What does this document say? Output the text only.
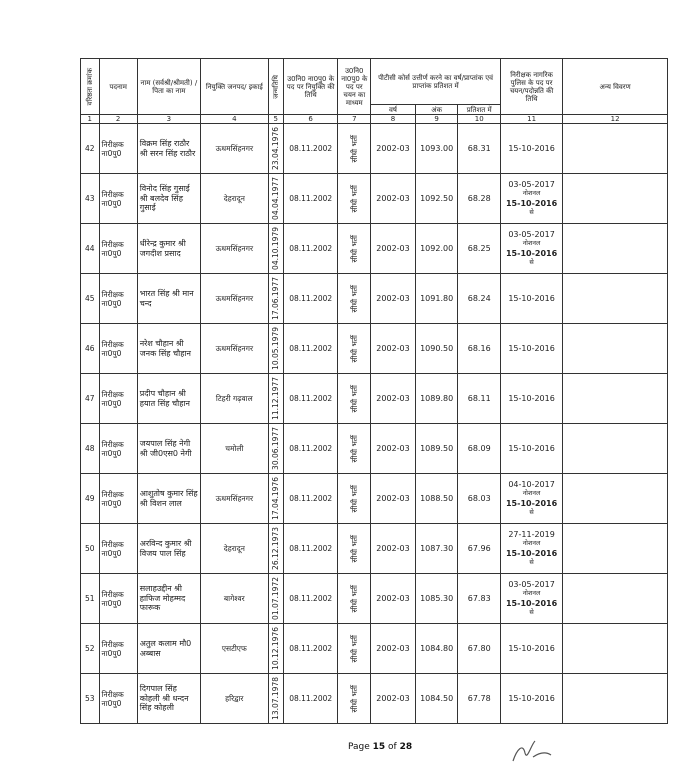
वरिष्ठता क्रमांक	पदनाम	नाम (सर्वश्री/श्रीमती) /पिता का नाम	नियुक्ति जनपद/ इकाई	जन्मतिथि	उ0नि0 ना0पु0 के पद पर नियुक्ति की तिथि	उ0नि0 ना0पु0 के पद पर चयन का माध्यम	पीटीसी कोर्स उत्तीर्ण करने का वर्ष/प्राप्तांक एवं प्राप्तांक प्रतिशत में			निरीक्षक नागरिक पुलिस के पद पर चयन/पदोन्नति की तिथि	अन्य विवरण
							वर्ष	अंक	प्रतिशत में		
1	2	3	4	5	6	7	8	9	10	11	12
42	निरीक्षक ना0पु0	विक्रम सिंह राठौर श्री सरन सिंह राठौर	ऊधमसिंहनगर	23.04.1976	08.11.2002	सीधी भर्ती	2002-03	1093.00	68.31	15-10-2016	

43	निरीक्षक ना0पु0	विनोद सिंह गुसाई श्री बलदेव सिंह गुसाई	देहरादून	04.04.1977	08.11.2002	सीधी भर्ती	2002-03	1092.50	68.28	03-05-2017
नोशनल
15-10-2016
से	

44	निरीक्षक ना0पु0	धीरेन्द्र कुमार श्री जगदीश प्रसाद	ऊधमसिंहनगर	04.10.1979	08.11.2002	सीधी भर्ती	2002-03	1092.00	68.25	03-05-2017
नोशनल
15-10-2016
से	

45	निरीक्षक ना0पु0	भारत सिंह श्री मान चन्द	ऊधमसिंहनगर	17.06.1977	08.11.2002	सीधी भर्ती	2002-03	1091.80	68.24	15-10-2016	

46	निरीक्षक ना0पु0	नरेश चौहान श्री जनक सिंह चौहान	ऊधमसिंहनगर	10.05.1979	08.11.2002	सीधी भर्ती	2002-03	1090.50	68.16	15-10-2016	

47	निरीक्षक ना0पु0	प्रदीप चौहान श्री हयात सिंह चौहान	टिहरी गढ़वाल	11.12.1977	08.11.2002	सीधी भर्ती	2002-03	1089.80	68.11	15-10-2016	

48	निरीक्षक ना0पु0	जयपाल सिंह नेगी श्री जी0एस0 नेगी	चमोली	30.06.1977	08.11.2002	सीधी भर्ती	2002-03	1089.50	68.09	15-10-2016	

49	निरीक्षक ना0पु0	आशुतोष कुमार सिंह श्री विशन लाल	ऊधमसिंहनगर	17.04.1976	08.11.2002	सीधी भर्ती	2002-03	1088.50	68.03	04-10-2017
नोशनल
15-10-2016
से	

50	निरीक्षक ना0पु0	अरविन्द कुमार श्री विजय पाल सिंह	देहरादून	26.12.1973	08.11.2002	सीधी भर्ती	2002-03	1087.30	67.96	27-11-2019
नोशनल
15-10-2016
से	

51	निरीक्षक ना0पु0	सलाहउद्दीन श्री हाफिज मोहम्मद फारूक	बागेश्वर	01.07.1972	08.11.2002	सीधी भर्ती	2002-03	1085.30	67.83	03-05-2017
नोशनल
15-10-2016
से	

52	निरीक्षक ना0पु0	अतुल कलाम मौ0 अब्बास	एसटीएफ	10.12.1976	08.11.2002	सीधी भर्ती	2002-03	1084.80	67.80	15-10-2016	

53	निरीक्षक ना0पु0	दिगपाल सिंह कोहली श्री धन्दन सिंह कोहली	हरिद्वार	13.07.1978	08.11.2002	सीधी भर्ती	2002-03	1084.50	67.78	15-10-2016	

Page 15 of 28
